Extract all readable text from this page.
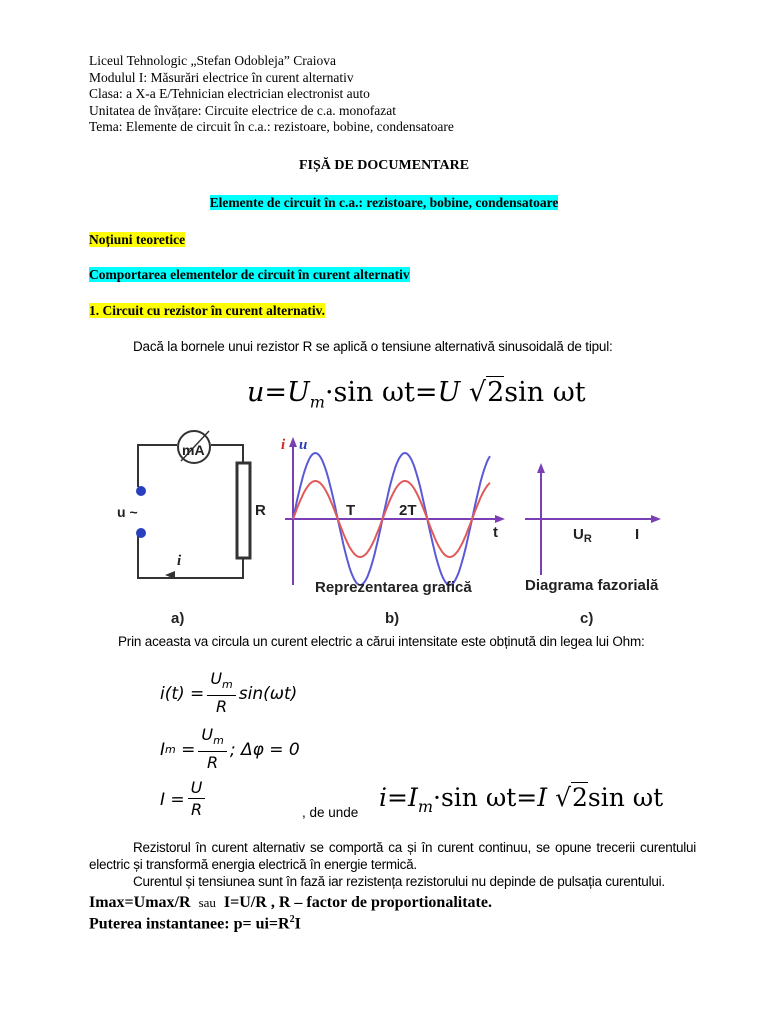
Liceul Tehnologic „Stefan Odobleja” Craiova
Modulul I: Măsurări electrice în curent alternativ
Clasa: a X-a E/Tehnician electrician electronist auto
Unitatea de învățare: Circuite electrice de c.a. monofazat
Tema: Elemente de circuit în c.a.: rezistoare, bobine, condensatoare
FIȘĂ DE DOCUMENTARE
Elemente de circuit în c.a.: rezistoare, bobine, condensatoare
Noțiuni teoretice
Comportarea elementelor de circuit în curent alternativ
1. Circuit cu rezistor în curent alternativ.
Dacă la bornele unui rezistor R se aplică o tensiune alternativă sinusoidală de tipul:
$u=U_m\cdot\sin$ ωt=U √2sin ωt
mA
u ~
i
R
i u
T	2T
t
Reprezentarea grafică
$U_R$	I
Diagrama fazorială
a)	b)	c)
Prin aceasta va circula un curent electric a cărui intensitate este obținută din legea lui Ohm:
$i(t) = \frac{U_m}{R} \sin(\omega t)$
I m
= $\frac{U_m}{R}$ ; Δφ = 0
$I = \frac{U}{R}$	, de unde
$i=I_m\cdot\sin$ ωt=I √2sin ωt
Rezistorul în curent alternativ se comportă ca și în curent continuu, se opune trecerii curentului electric și transformă energia electrică în energie termică.
Curentul și tensiunea sunt în fază iar rezistența rezistorului nu depinde de pulsația curentului.
Imax=Umax/R sau I=U/R , R – factor de proportionalitate.
Puterea instantanee: $p= ui=R^2I$
